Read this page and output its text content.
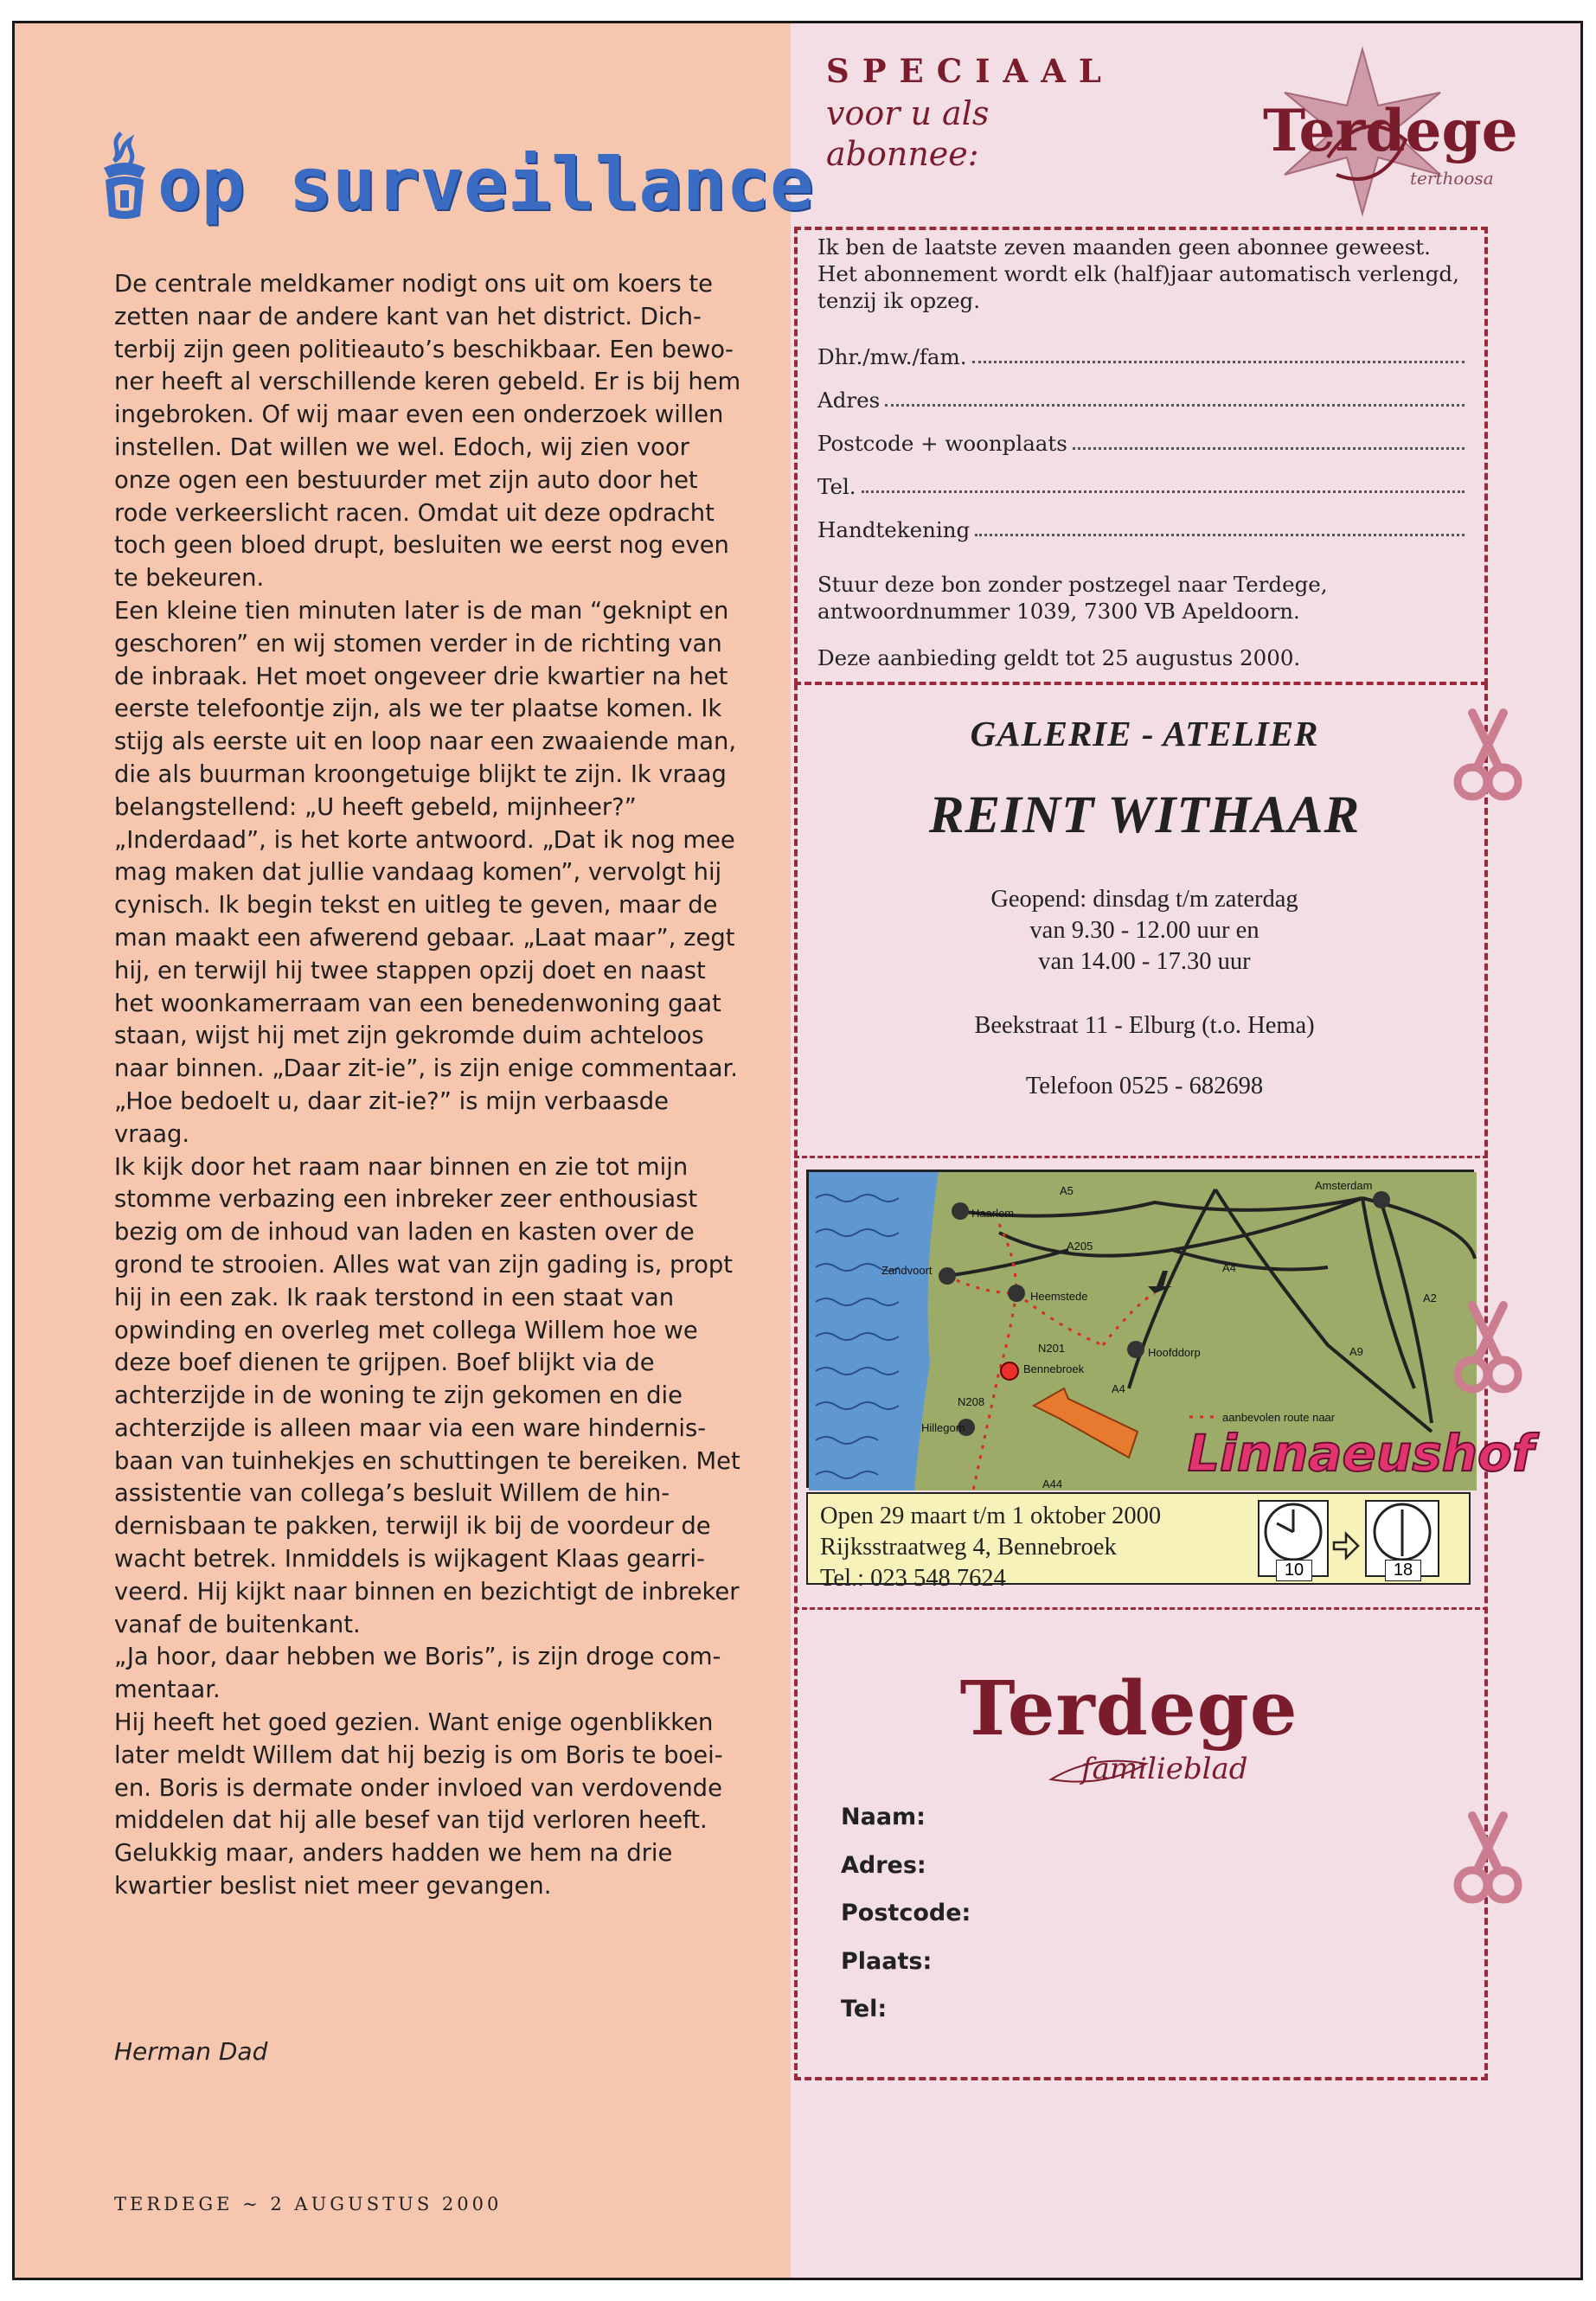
op surveillance

De centrale meldkamer nodigt ons uit om koers te zetten naar de andere kant van het district. Dichterbij zijn geen politieauto’s beschikbaar. Een bewoner heeft al verschillende keren gebeld. Er is bij hem ingebroken. Of wij maar even een onderzoek willen instellen. Dat willen we wel. Edoch, wij zien voor onze ogen een bestuurder met zijn auto door het rode verkeerslicht racen. Omdat uit deze opdracht toch geen bloed drupt, besluiten we eerst nog even te bekeuren.

Een kleine tien minuten later is de man “geknipt en geschoren” en wij stomen verder in de richting van de inbraak. Het moet ongeveer drie kwartier na het eerste telefoontje zijn, als we ter plaatse komen. Ik stijg als eerste uit en loop naar een zwaaiende man, die als buurman kroongetuige blijkt te zijn. Ik vraag belangstellend: „U heeft gebeld, mijnheer?”

„Inderdaad”, is het korte antwoord. „Dat ik nog mee mag maken dat jullie vandaag komen”, vervolgt hij cynisch. Ik begin tekst en uitleg te geven, maar de man maakt een afwerend gebaar. „Laat maar”, zegt hij, en terwijl hij twee stappen opzij doet en naast het woonkamerraam van een benedenwoning gaat staan, wijst hij met zijn gekromde duim achteloos naar binnen. „Daar zit-ie”, is zijn enige commentaar.

„Hoe bedoelt u, daar zit-ie?” is mijn verbaasde vraag.

Ik kijk door het raam naar binnen en zie tot mijn stomme verbazing een inbreker zeer enthousiast bezig om de inhoud van laden en kasten over de grond te strooien. Alles wat van zijn gading is, propt hij in een zak. Ik raak terstond in een staat van opwinding en overleg met collega Willem hoe we deze boef dienen te grijpen. Boef blijkt via de achterzijde in de woning te zijn gekomen en die achterzijde is alleen maar via een ware hindernisbaan van tuinhekjes en schuttingen te bereiken. Met assistentie van collega’s besluit Willem de hindernisbaan te pakken, terwijl ik bij de voordeur de wacht betrek. Inmiddels is wijkagent Klaas gearriveerd. Hij kijkt naar binnen en bezichtigt de inbreker vanaf de buitenkant.

„Ja hoor, daar hebben we Boris”, is zijn droge commentaar.

Hij heeft het goed gezien. Want enige ogenblikken later meldt Willem dat hij bezig is om Boris te boeien. Boris is dermate onder invloed van verdovende middelen dat hij alle besef van tijd verloren heeft. Gelukkig maar, anders hadden we hem na drie kwartier beslist niet meer gevangen.

Herman Dad
TERDEGE ~ 2 AUGUSTUS 2000
SPECIAAL
voor u als
abonnee:	Terdege
terthoosa
Ik ben de laatste zeven maanden geen abonnee geweest. Het abonnement wordt elk (half)jaar automatisch verlengd, tenzij ik opzeg.
Dhr./mw./fam.
Adres
Postcode + woonplaats
Tel.
Handtekening
Stuur deze bon zonder postzegel naar Terdege, antwoordnummer 1039, 7300 VB Apeldoorn.
Deze aanbieding geldt tot 25 augustus 2000.
GALERIE - ATELIER
REINT WITHAAR
Geopend: dinsdag t/m zaterdag
van 9.30 - 12.00 uur en
van 14.00 - 17.30 uur
Beekstraat 11 - Elburg (t.o. Hema)
Telefoon 0525 - 682698
Amsterdam
Haarlem
Zandvoort
Heemstede
Hoofddorp
Bennebroek
Hillegom
A5
A205
A4
A2
A9
N201
N208
A4
A44
aanbevolen route naar
Linnaeushof
Open 29 maart t/m 1 oktober 2000
Rijksstraatweg 4, Bennebroek
Tel.: 023 548 7624	10	18
Terdege
familieblad
Naam:
Adres:
Postcode:
Plaats:
Tel:
